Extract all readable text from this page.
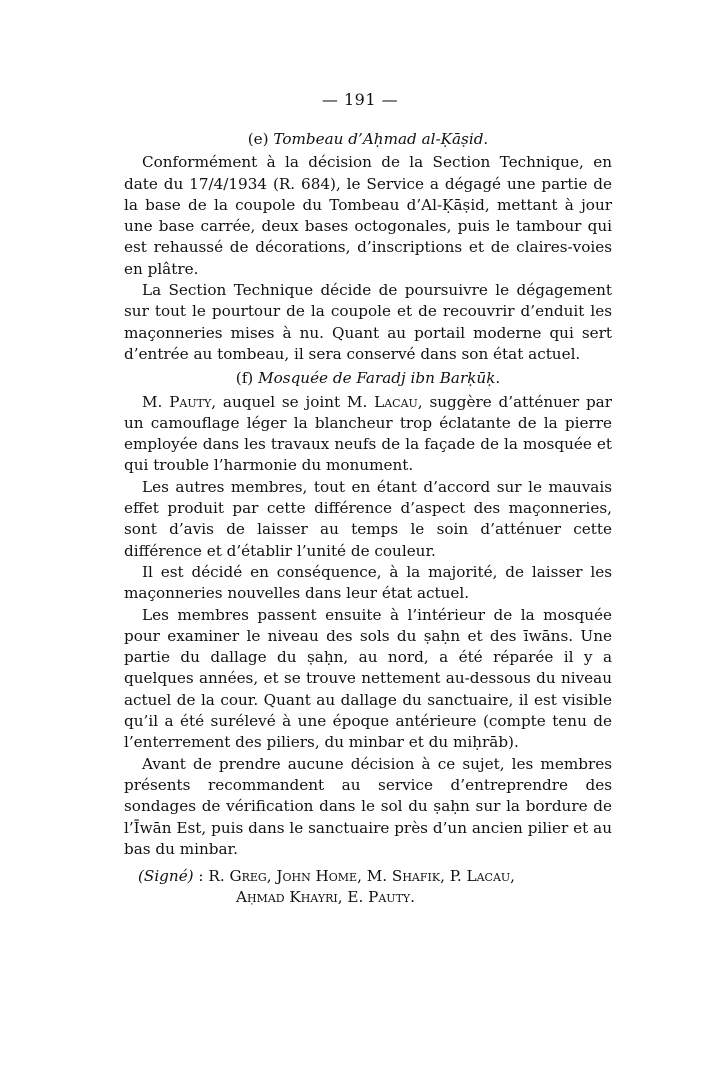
— 191 —
(e) Tombeau d’Aḥmad al-Ḳāṣid.

Conformément à la décision de la Section Technique, en date du 17/4/1934 (R. 684), le Service a dégagé une partie de la base de la coupole du Tombeau d’Al-Ḳāṣid, mettant à jour une base carrée, deux bases octogonales, puis le tambour qui est rehaussé de décorations, d’inscriptions et de claires-voies en plâtre.

La Section Technique décide de poursuivre le dégagement sur tout le pourtour de la coupole et de recouvrir d’enduit les maçonneries mises à nu. Quant au portail moderne qui sert d’entrée au tombeau, il sera conservé dans son état actuel.

(f) Mosquée de Faradj ibn Barḳūḳ.

M. Pauty, auquel se joint M. Lacau, suggère d’atténuer par un camouflage léger la blancheur trop éclatante de la pierre employée dans les travaux neufs de la façade de la mosquée et qui trouble l’harmonie du monument.

Les autres membres, tout en étant d’accord sur le mauvais effet produit par cette différence d’aspect des maçonneries, sont d’avis de laisser au temps le soin d’atténuer cette différence et d’établir l’unité de couleur.

Il est décidé en conséquence, à la majorité, de laisser les maçonneries nouvelles dans leur état actuel.

Les membres passent ensuite à l’intérieur de la mosquée pour examiner le niveau des sols du ṣaḥn et des īwāns. Une partie du dallage du ṣaḥn, au nord, a été réparée il y a quelques années, et se trouve nettement au-dessous du niveau actuel de la cour. Quant au dallage du sanctuaire, il est visible qu’il a été surélevé à une époque antérieure (compte tenu de l’enterrement des piliers, du minbar et du miḥrāb).

Avant de prendre aucune décision à ce sujet, les membres présents recommandent au service d’entreprendre des sondages de vérification dans le sol du ṣaḥn sur la bordure de l’Īwān Est, puis dans le sanctuaire près d’un ancien pilier et au bas du minbar.

(Signé) : R. Greg, John Home, M. Shafik, P. Lacau,

Aḥmad Khayri, E. Pauty.
